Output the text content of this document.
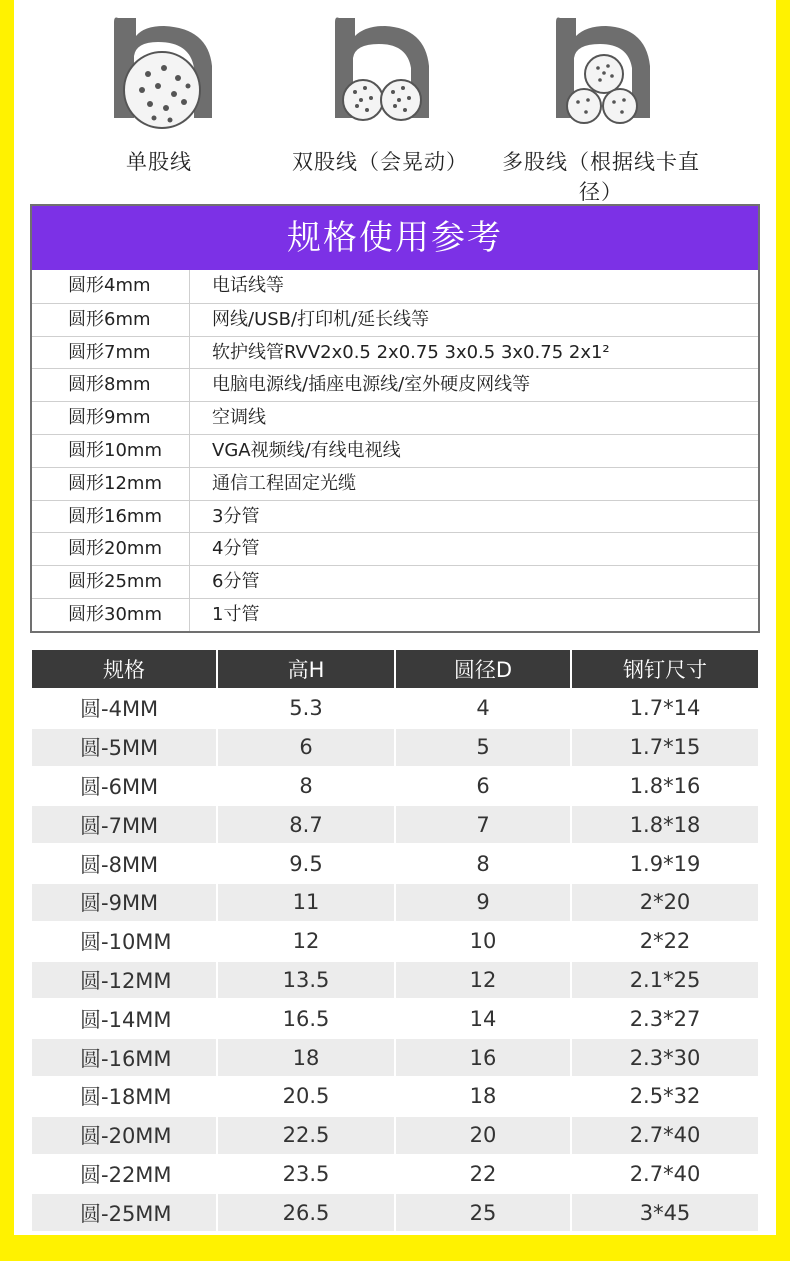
单股线	双股线（会晃动）	多股线（根据线卡直径）
规格使用参考
圆形4mm	电话线等
圆形6mm	网线/USB/打印机/延长线等
圆形7mm	软护线管RVV2x0.5 2x0.75 3x0.5 3x0.75 2x1²
圆形8mm	电脑电源线/插座电源线/室外硬皮网线等
圆形9mm	空调线
圆形10mm	VGA视频线/有线电视线
圆形12mm	通信工程固定光缆
圆形16mm	3分管
圆形20mm	4分管
圆形25mm	6分管
圆形30mm	1寸管
规格	高H	圆径D	钢钉尺寸
圆-4MM	5.3	4	1.7*14
圆-5MM	6	5	1.7*15
圆-6MM	8	6	1.8*16
圆-7MM	8.7	7	1.8*18
圆-8MM	9.5	8	1.9*19
圆-9MM	11	9	2*20
圆-10MM	12	10	2*22
圆-12MM	13.5	12	2.1*25
圆-14MM	16.5	14	2.3*27
圆-16MM	18	16	2.3*30
圆-18MM	20.5	18	2.5*32
圆-20MM	22.5	20	2.7*40
圆-22MM	23.5	22	2.7*40
圆-25MM	26.5	25	3*45
